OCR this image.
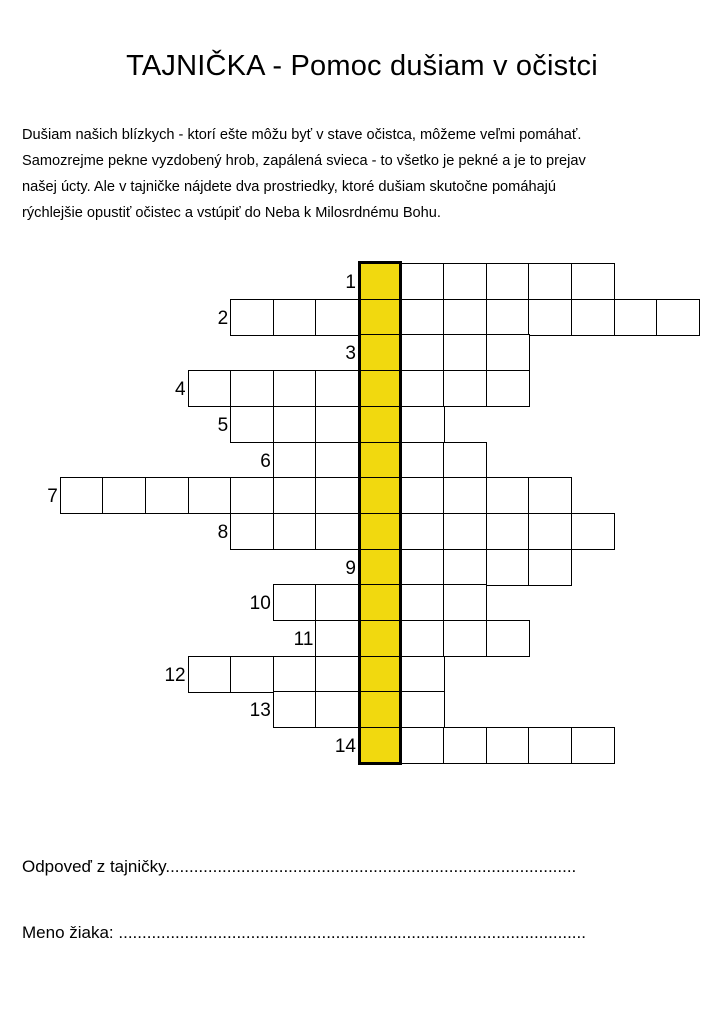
TAJNIČKA - Pomoc dušiam v očistci
Dušiam našich blízkych - ktorí ešte môžu byť v stave očistca, môžeme veľmi pomáhať.
Samozrejme pekne vyzdobený hrob, zapálená svieca - to všetko je pekné a je to prejav
našej úcty. Ale v tajničke nájdete dva prostriedky, ktoré dušiam skutočne pomáhajú
rýchlejšie opustiť očistec a vstúpiť do Neba k Milosrdnému Bohu.
1
2
3
4
5
6
7
8
9
10
11
12
13
14
Odpoveď z tajničky.......................................................................................
Meno žiaka: ...................................................................................................
